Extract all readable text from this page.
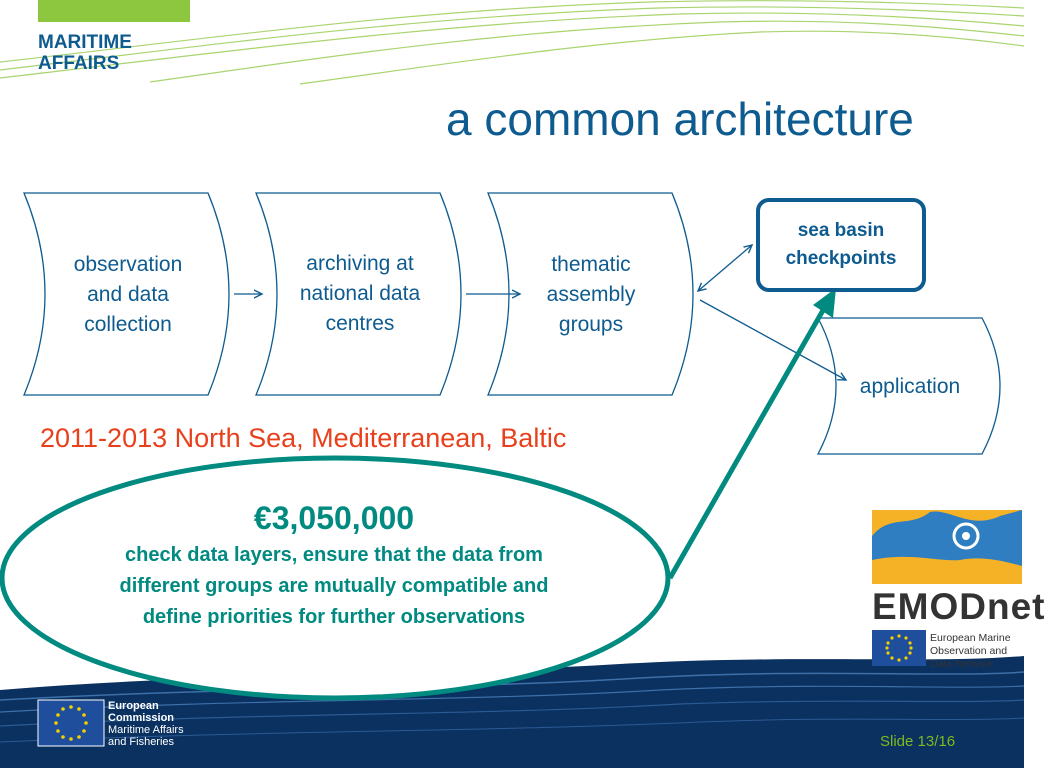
MARITIME
AFFAIRS
a common architecture
observation and data collection
archiving at national data centres
thematic assembly groups
application
sea basin checkpoints
2011-2013 North Sea, Mediterranean, Baltic
€3,050,000
check data layers, ensure that the data from different groups are mutually compatible and define priorities for further observations	EMODnet
European Marine
Observation and
Data Network
European
Commission
Maritime Affairs
and Fisheries	Slide 13/16
